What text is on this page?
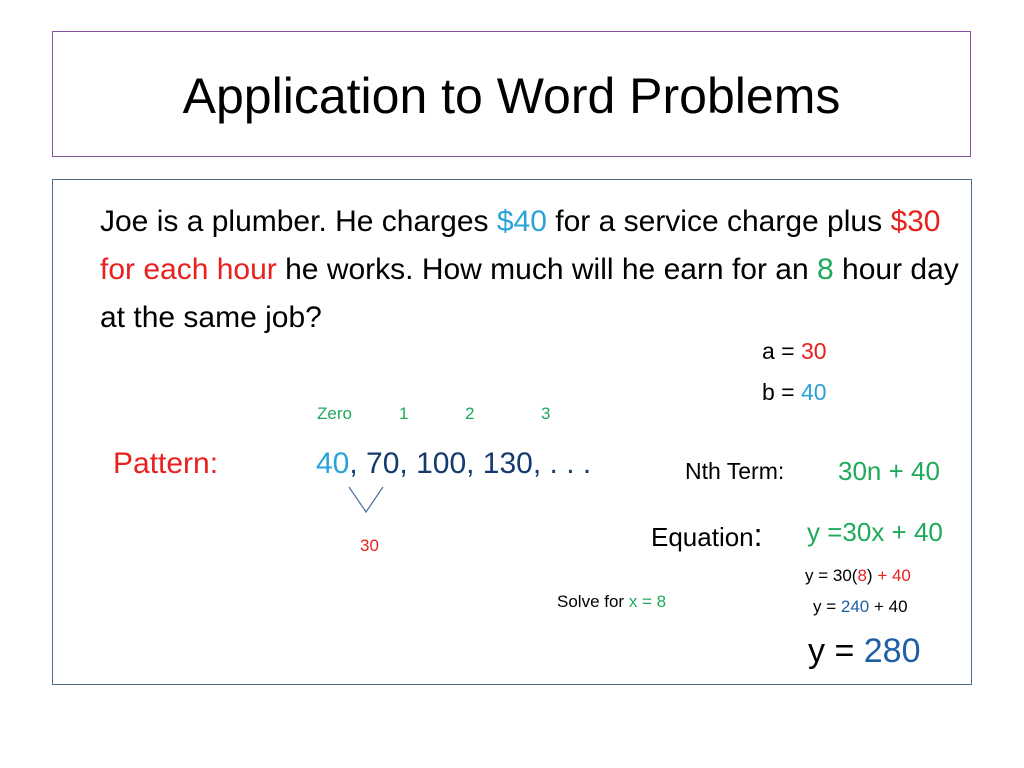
Application to Word Problems
Joe is a plumber. He charges $40 for a service charge plus $30 for each hour he works. How much will he earn for an 8 hour day at the same job?
a = 30
b = 40
Zero	1	2	3
Pattern:	40, 70, 100, 130, . . .
30
Nth Term: 30n + 40
Equation: y =30x + 40
Solve for x = 8
y = 30(8) + 40
y = 240 + 40
y = 280
